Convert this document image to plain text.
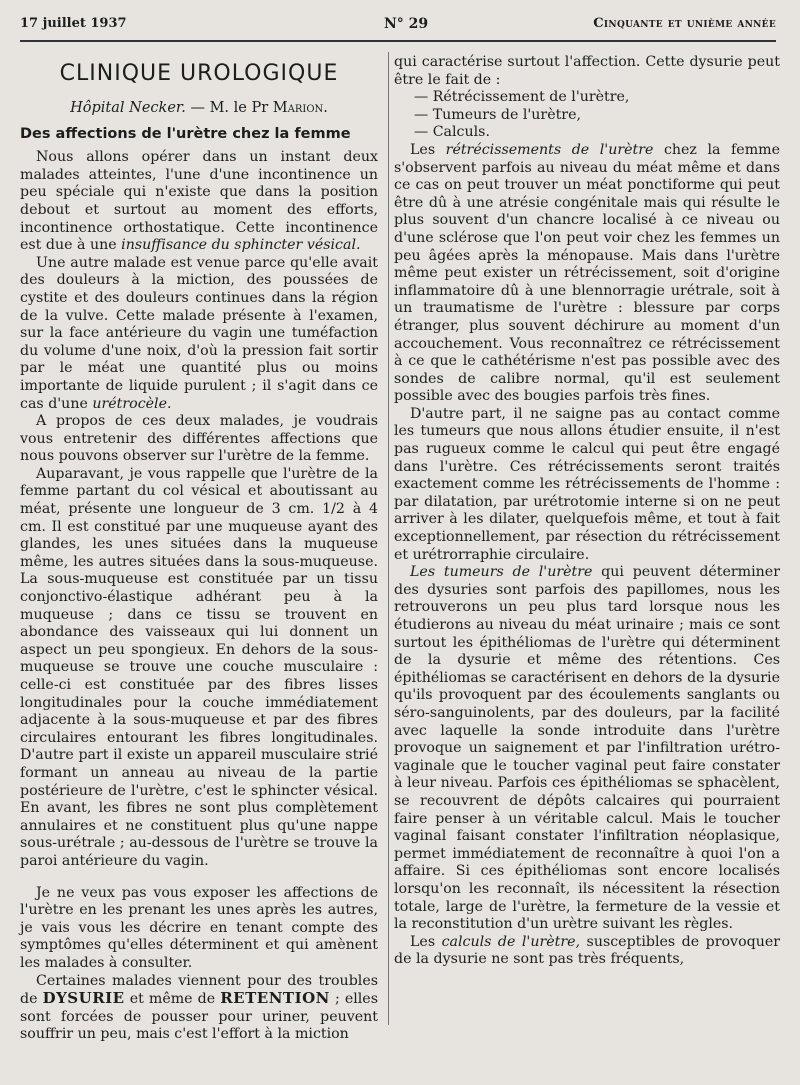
17 juillet 1937	N° 29	Cinquante et unième année
CLINIQUE UROLOGIQUE
Hôpital Necker. — M. le Pr Marion.
Des affections de l'urètre chez la femme

Nous allons opérer dans un instant deux malades atteintes, l'une d'une incontinence un peu spéciale qui n'existe que dans la position debout et surtout au moment des efforts, incontinence orthostatique. Cette incontinence est due à une insuffisance du sphincter vésical.

Une autre malade est venue parce qu'elle avait des douleurs à la miction, des poussées de cystite et des douleurs continues dans la région de la vulve. Cette malade présente à l'examen, sur la face antérieure du vagin une tuméfaction du volume d'une noix, d'où la pression fait sortir par le méat une quantité plus ou moins importante de liquide purulent ; il s'agit dans ce cas d'une urétrocèle.

A propos de ces deux malades, je voudrais vous entretenir des différentes affections que nous pouvons observer sur l'urètre de la femme.

Auparavant, je vous rappelle que l'urètre de la femme partant du col vésical et aboutissant au méat, présente une longueur de 3 cm. 1/2 à 4 cm. Il est constitué par une muqueuse ayant des glandes, les unes situées dans la muqueuse même, les autres situées dans la sous-muqueuse. La sous-muqueuse est constituée par un tissu conjonctivo-élastique adhérant peu à la muqueuse ; dans ce tissu se trouvent en abondance des vaisseaux qui lui donnent un aspect un peu spongieux. En dehors de la sous-muqueuse se trouve une couche musculaire : celle-ci est constituée par des fibres lisses longitudinales pour la couche immédiatement adjacente à la sous-muqueuse et par des fibres circulaires entourant les fibres longitudinales. D'autre part il existe un appareil musculaire strié formant un anneau au niveau de la partie postérieure de l'urètre, c'est le sphincter vésical. En avant, les fibres ne sont plus complètement annulaires et ne constituent plus qu'une nappe sous-urétrale ; au-dessous de l'urètre se trouve la paroi antérieure du vagin.

Je ne veux pas vous exposer les affections de l'urètre en les prenant les unes après les autres, je vais vous les décrire en tenant compte des symptômes qu'elles déterminent et qui amènent les malades à consulter.

Certaines malades viennent pour des troubles de DYSURIE et même de RETENTION ; elles sont forcées de pousser pour uriner, peuvent souffrir un peu, mais c'est l'effort à la miction

qui caractérise surtout l'affection. Cette dysurie peut être le fait de :

— Rétrécissement de l'urètre,
— Tumeurs de l'urètre,
— Calculs.

Les rétrécissements de l'urètre chez la femme s'observent parfois au niveau du méat même et dans ce cas on peut trouver un méat ponctiforme qui peut être dû à une atrésie congénitale mais qui résulte le plus souvent d'un chancre localisé à ce niveau ou d'une sclérose que l'on peut voir chez les femmes un peu âgées après la ménopause. Mais dans l'urètre même peut exister un rétrécissement, soit d'origine inflammatoire dû à une blennorragie urétrale, soit à un traumatisme de l'urètre : blessure par corps étranger, plus souvent déchirure au moment d'un accouchement. Vous reconnaîtrez ce rétrécissement à ce que le cathétérisme n'est pas possible avec des sondes de calibre normal, qu'il est seulement possible avec des bougies parfois très fines.

D'autre part, il ne saigne pas au contact comme les tumeurs que nous allons étudier ensuite, il n'est pas rugueux comme le calcul qui peut être engagé dans l'urètre. Ces rétrécissements seront traités exactement comme les rétrécissements de l'homme : par dilatation, par urétrotomie interne si on ne peut arriver à les dilater, quelquefois même, et tout à fait exceptionnellement, par résection du rétrécissement et urétrorraphie circulaire.

Les tumeurs de l'urètre qui peuvent déterminer des dysuries sont parfois des papillomes, nous les retrouverons un peu plus tard lorsque nous les étudierons au niveau du méat urinaire ; mais ce sont surtout les épithéliomas de l'urètre qui déterminent de la dysurie et même des rétentions. Ces épithéliomas se caractérisent en dehors de la dysurie qu'ils provoquent par des écoulements sanglants ou séro-sanguinolents, par des douleurs, par la facilité avec laquelle la sonde introduite dans l'urètre provoque un saignement et par l'infiltration urétro-vaginale que le toucher vaginal peut faire constater à leur niveau. Parfois ces épithéliomas se sphacèlent, se recouvrent de dépôts calcaires qui pourraient faire penser à un véritable calcul. Mais le toucher vaginal faisant constater l'infiltration néoplasique, permet immédiatement de reconnaître à quoi l'on a affaire. Si ces épithéliomas sont encore localisés lorsqu'on les reconnaît, ils nécessitent la résection totale, large de l'urètre, la fermeture de la vessie et la reconstitution d'un urètre suivant les règles.

Les calculs de l'urètre, susceptibles de provoquer de la dysurie ne sont pas très fréquents,
